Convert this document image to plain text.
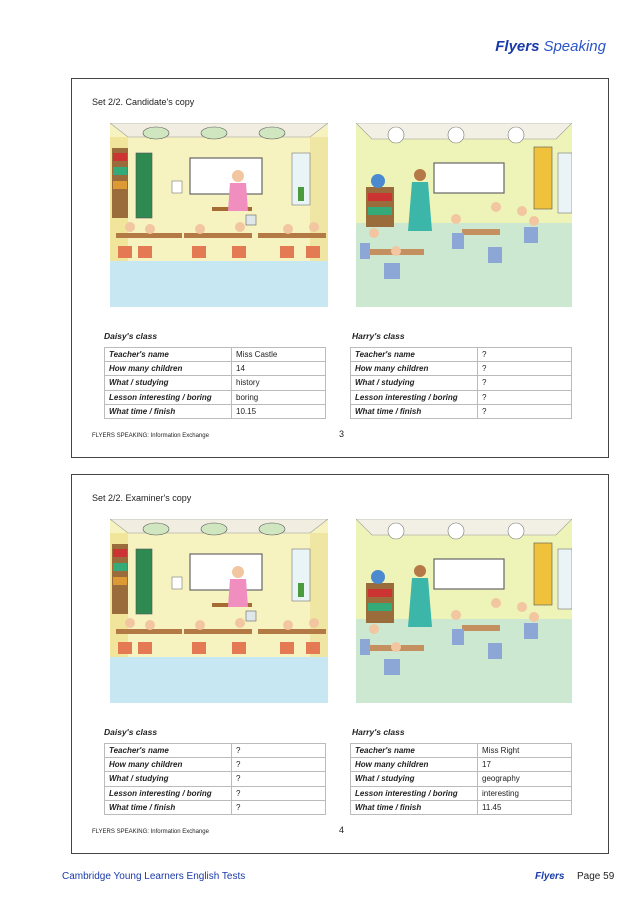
Flyers Speaking
Set 2/2. Candidate's copy
Daisy's class	Harry's class
Teacher's name	Miss Castle
How many children	14
What / studying	history
Lesson interesting / boring	boring
What time / finish	10.15
Teacher's name	?
How many children	?
What / studying	?
Lesson interesting / boring	?
What time / finish	?
FLYERS SPEAKING: Information Exchange	3
Set 2/2. Examiner's copy
Daisy's class	Harry's class
Teacher's name	?
How many children	?
What / studying	?
Lesson interesting / boring	?
What time / finish	?
Teacher's name	Miss Right
How many children	17
What / studying	geography
Lesson interesting / boring	interesting
What time / finish	11.45
FLYERS SPEAKING: Information Exchange	4
Cambridge Young Learners English Tests	Flyers Page 59
